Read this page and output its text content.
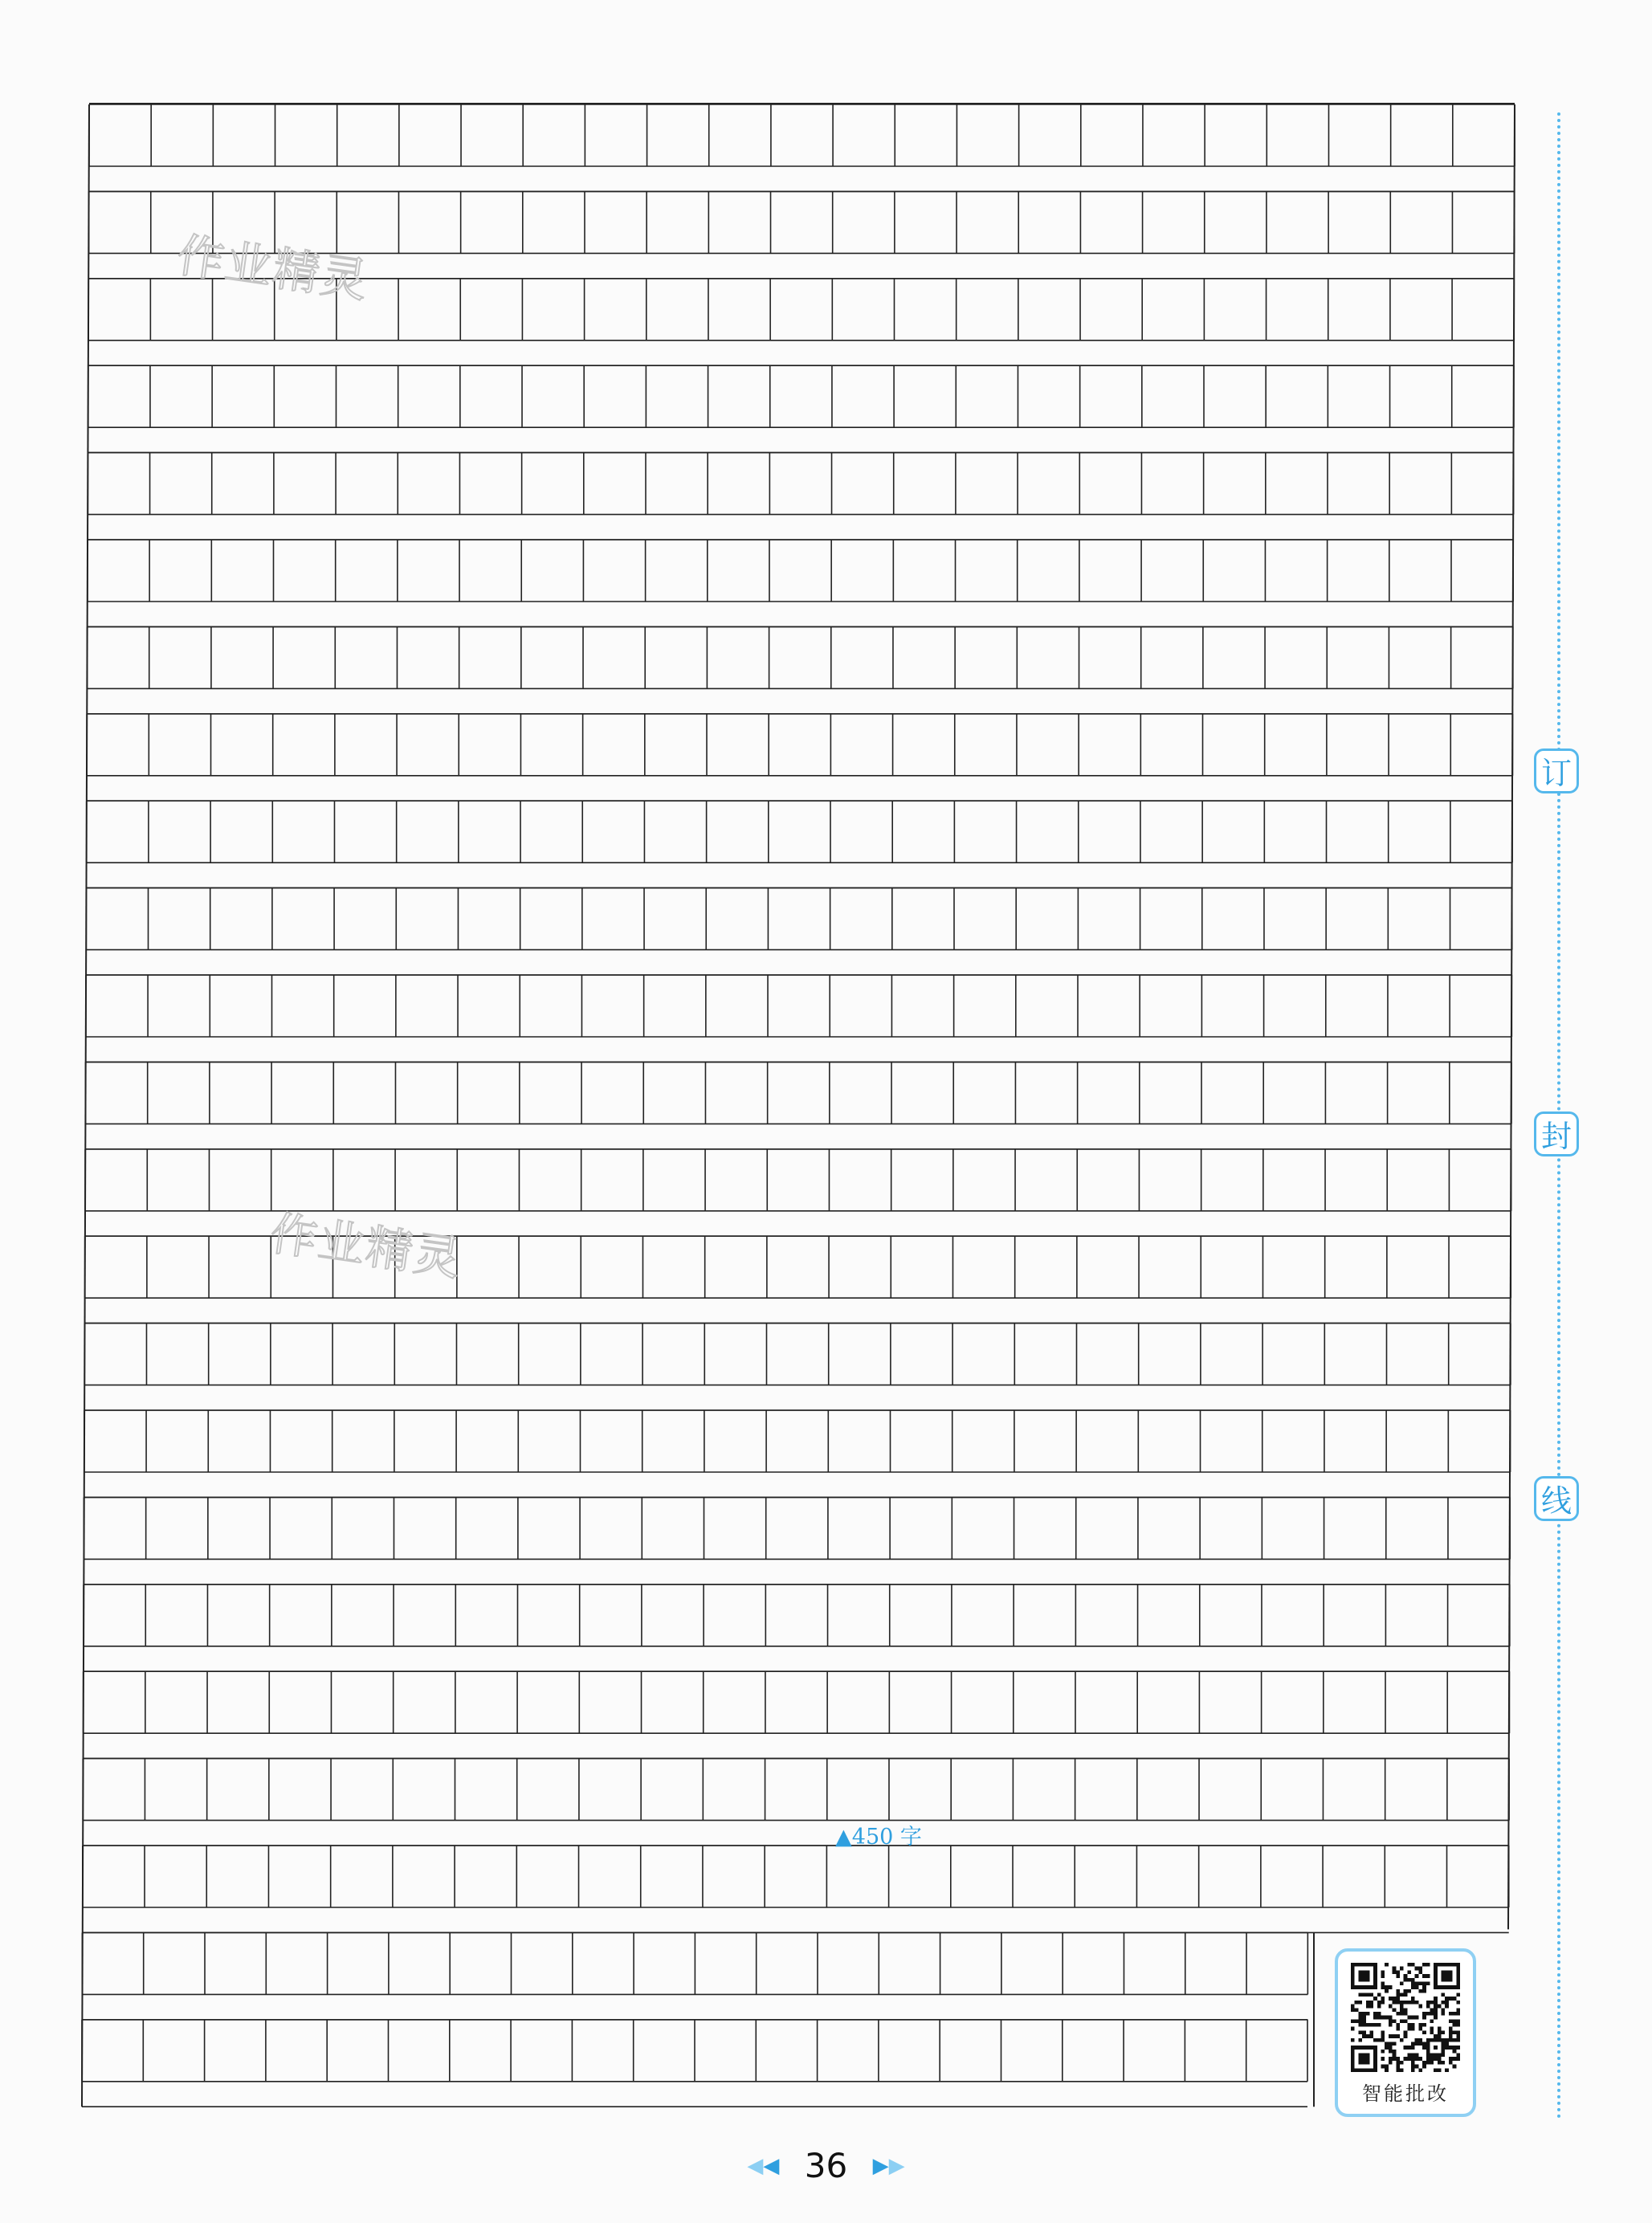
订
封
线
作业精灵
作业精灵
▲450 字
智能批改
◀◀ 36 ▶▶
